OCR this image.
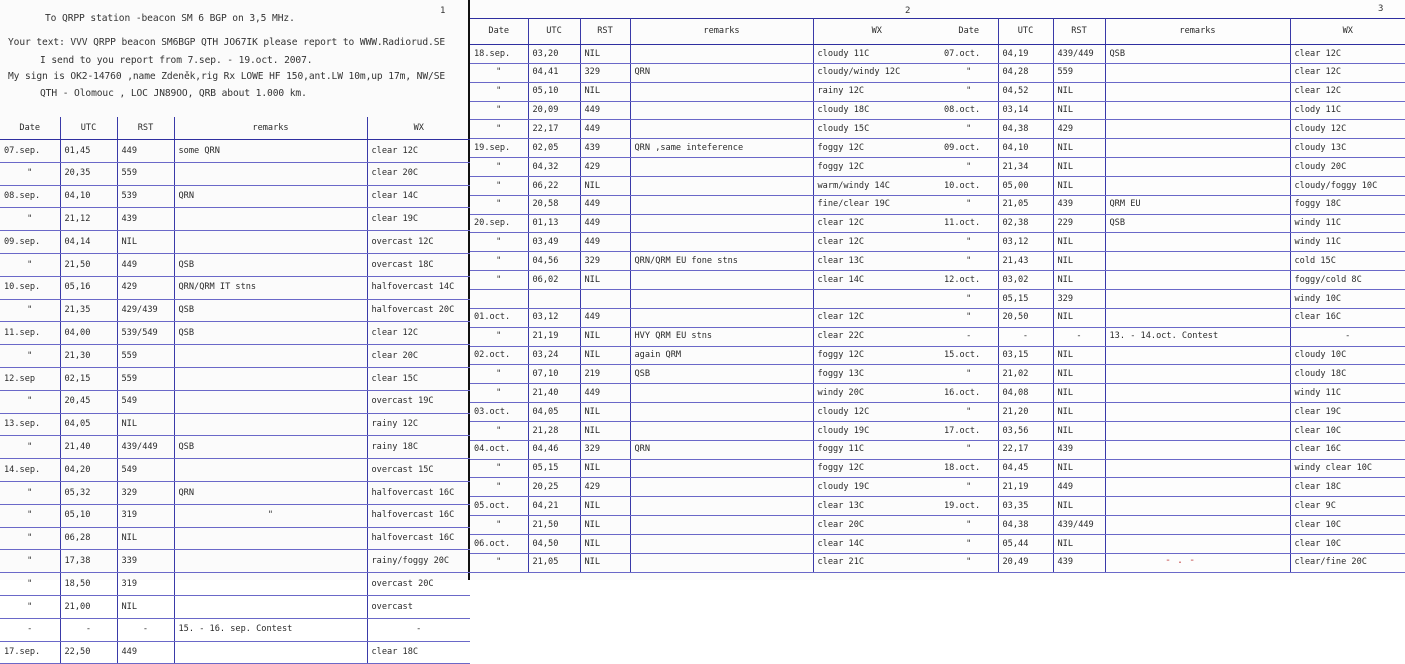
1	2	3
To QRPP station -beacon SM 6 BGP on 3,5 MHz.
Your text: VVV QRPP beacon SM6BGP QTH JO67IK please report to WWW.Radiorud.SE
I send to you report from 7.sep. - 19.oct. 2007.
My sign is OK2-14760 ,name Zdeněk,rig Rx LOWE HF 150,ant.LW 10m,up 17m, NW/SE
QTH - Olomouc , LOC JN89OO, QRB about 1.000 km.
Date	UTC	RST	remarks	WX
07.sep.	01,45	449	some QRN	clear 12C
"	20,35	559		clear 20C
08.sep.	04,10	539	QRN	clear 14C
"	21,12	439		clear 19C
09.sep.	04,14	NIL		overcast 12C
"	21,50	449	QSB	overcast 18C
10.sep.	05,16	429	QRN/QRM IT stns	halfovercast 14C
"	21,35	429/439	QSB	halfovercast 20C
11.sep.	04,00	539/549	QSB	clear 12C
"	21,30	559		clear 20C
12.sep	02,15	559		clear 15C
"	20,45	549		overcast 19C
13.sep.	04,05	NIL		rainy 12C
"	21,40	439/449	QSB	rainy 18C
14.sep.	04,20	549		overcast 15C
"	05,32	329	QRN	halfovercast 16C
"	05,10	319	"	halfovercast 16C
"	06,28	NIL		halfovercast 16C
"	17,38	339		rainy/foggy 20C
"	18,50	319		overcast 20C
"	21,00	NIL		overcast
-	-	-	15. - 16. sep. Contest	-
17.sep.	22,50	449		clear 18C
Date	UTC	RST	remarks	WX
18.sep.	03,20	NIL		cloudy 11C
"	04,41	329	QRN	cloudy/windy 12C
"	05,10	NIL		rainy 12C
"	20,09	449		cloudy 18C
"	22,17	449		cloudy 15C
19.sep.	02,05	439	QRN ,same inteference	foggy 12C
"	04,32	429		foggy 12C
"	06,22	NIL		warm/windy 14C
"	20,58	449		fine/clear 19C
20.sep.	01,13	449		clear 12C
"	03,49	449		clear 12C
"	04,56	329	QRN/QRM EU fone stns	clear 13C
"	06,02	NIL		clear 14C

01.oct.	03,12	449		clear 12C
"	21,19	NIL	HVY QRM EU stns	clear 22C
02.oct.	03,24	NIL	again QRM	foggy 12C
"	07,10	219	QSB	foggy 13C
"	21,40	449		windy 20C
03.oct.	04,05	NIL		cloudy 12C
"	21,28	NIL		cloudy 19C
04.oct.	04,46	329	QRN	foggy 11C
"	05,15	NIL		foggy 12C
"	20,25	429		cloudy 19C
05.oct.	04,21	NIL		clear 13C
"	21,50	NIL		clear 20C
06.oct.	04,50	NIL		clear 14C
"	21,05	NIL		clear 21C
Date	UTC	RST	remarks	WX
07.oct.	04,19	439/449	QSB	clear 12C
"	04,28	559		clear 12C
"	04,52	NIL		clear 12C
08.oct.	03,14	NIL		clody 11C
"	04,38	429		cloudy 12C
09.oct.	04,10	NIL		cloudy 13C
"	21,34	NIL		cloudy 20C
10.oct.	05,00	NIL		cloudy/foggy 10C
"	21,05	439	QRM EU	foggy 18C
11.oct.	02,38	229	QSB	windy 11C
"	03,12	NIL		windy 11C
"	21,43	NIL		cold 15C
12.oct.	03,02	NIL		foggy/cold 8C
"	05,15	329		windy 10C
"	20,50	NIL		clear 16C
-	-	-	13. - 14.oct. Contest	-
15.oct.	03,15	NIL		cloudy 10C
"	21,02	NIL		cloudy 18C
16.oct.	04,08	NIL		windy 11C
"	21,20	NIL		clear 19C
17.oct.	03,56	NIL		clear 10C
"	22,17	439		clear 16C
18.oct.	04,45	NIL		windy clear 10C
"	21,19	449		clear 18C
19.oct.	03,35	NIL		clear 9C
"	04,38	439/449		clear 10C
"	05,44	NIL		clear 10C
"	20,49	439		clear/fine 20C
- . -
